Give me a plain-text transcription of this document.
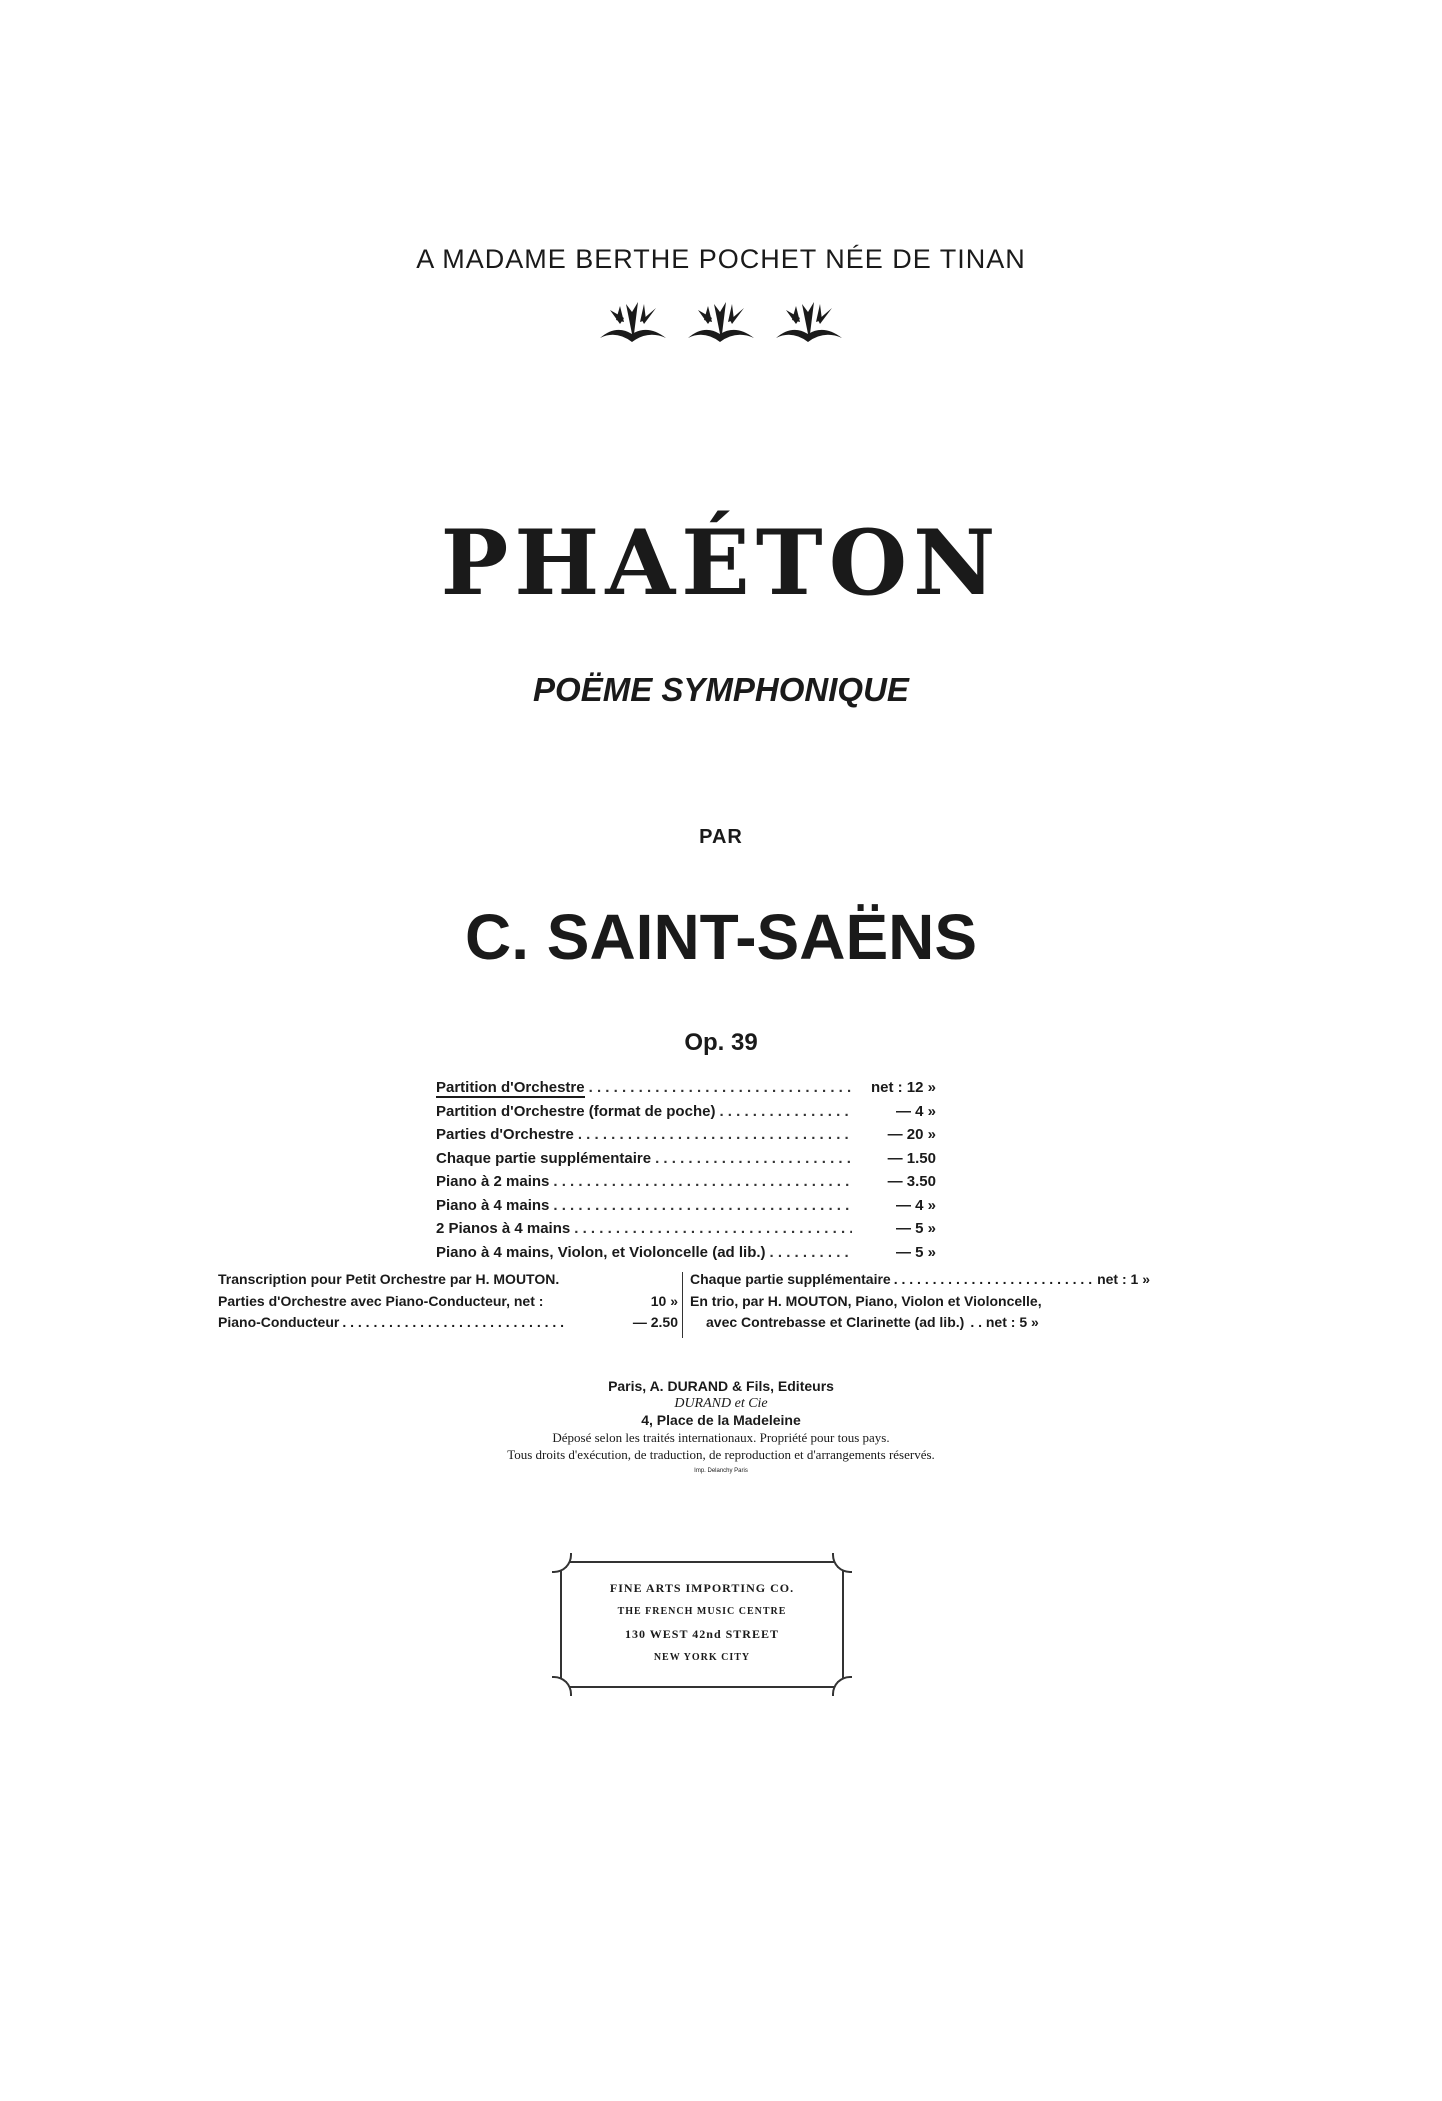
A MADAME BERTHE POCHET NÉE DE TINAN
PHAÉTON
POËME SYMPHONIQUE
PAR
C. SAINT-SAËNS
Op. 39
Partition d'Orchestre . . .	net : 12 »
Partition d'Orchestre (format de poche) . . .	— 4 »
Parties d'Orchestre . . .	— 20 »
Chaque partie supplémentaire . . .	— 1.50
Piano à 2 mains . . .	— 3.50
Piano à 4 mains . . .	— 4 »
2 Pianos à 4 mains . . .	— 5 »
Piano à 4 mains, Violon, et Violoncelle (ad lib.) . . .	— 5 »
Transcription pour Petit Orchestre par H. MOUTON.
Parties d'Orchestre avec Piano-Conducteur, net :	10 »
Piano-Conducteur . . .	— 2.50
Chaque partie supplémentaire . . .	net : 1 »
En trio, par H. MOUTON, Piano, Violon et Violoncelle,
avec Contrebasse et Clarinette (ad lib.) . . net : 5 »
Paris, A. DURAND & Fils, Editeurs
DURAND et Cie
4, Place de la Madeleine
Déposé selon les traités internationaux. Propriété pour tous pays.
Tous droits d'exécution, de traduction, de reproduction et d'arrangements réservés.
Imp. Delanchy Paris
FINE ARTS IMPORTING CO.
THE FRENCH MUSIC CENTRE
130 WEST 42nd STREET
NEW YORK CITY
